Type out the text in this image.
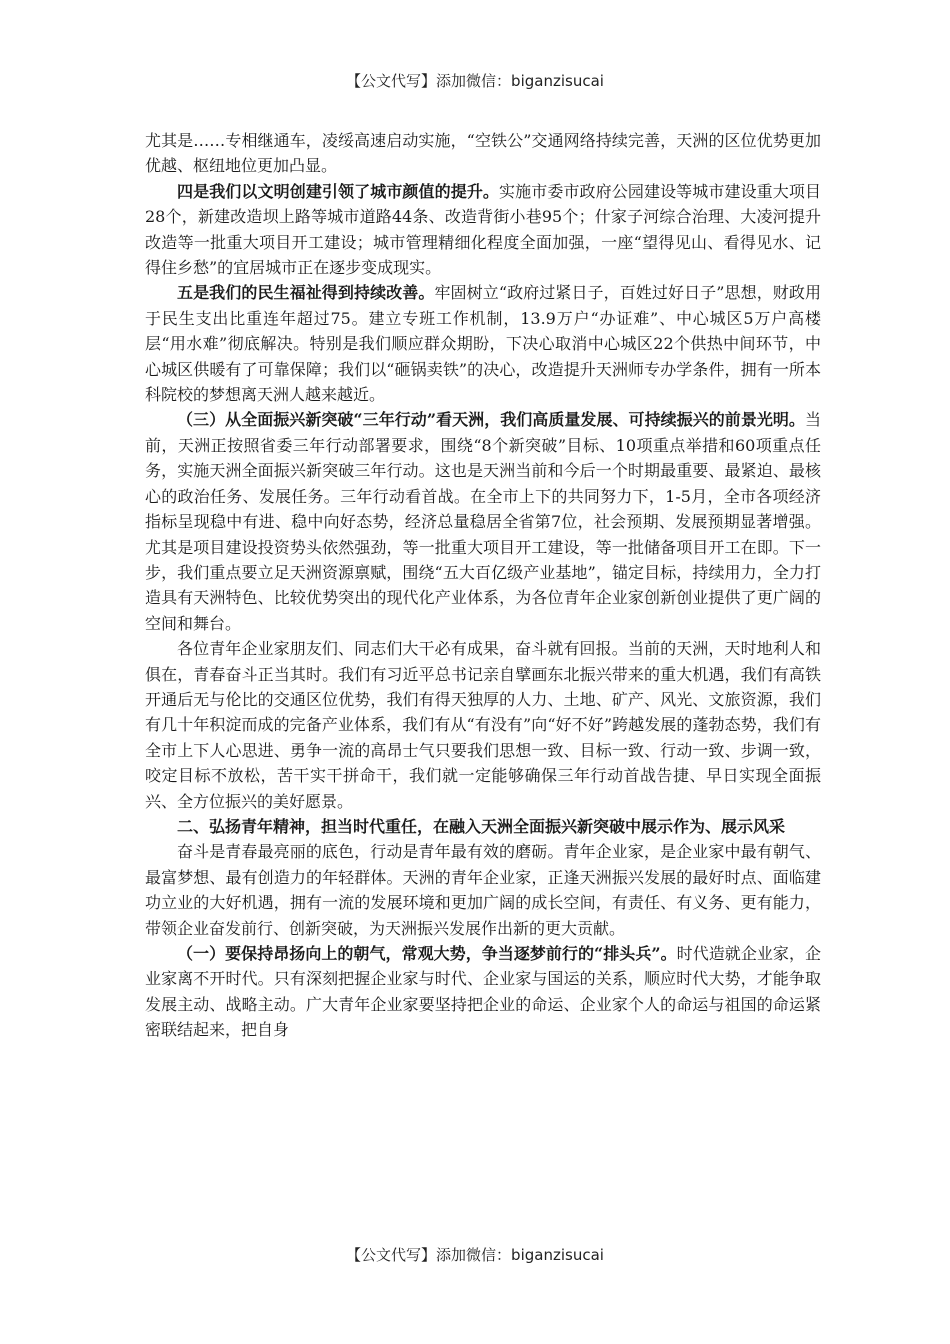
【公文代写】添加微信：biganzisucai

尤其是……专相继通车，凌绥高速启动实施，“空铁公”交通网络持续完善，天洲的区位优势更加优越、枢纽地位更加凸显。

四是我们以文明创建引领了城市颜值的提升。实施市委市政府公园建设等城市建设重大项目28个，新建改造坝上路等城市道路44条、改造背街小巷95个；什家子河综合治理、大凌河提升改造等一批重大项目开工建设；城市管理精细化程度全面加强，一座“望得见山、看得见水、记得住乡愁”的宜居城市正在逐步变成现实。

五是我们的民生福祉得到持续改善。牢固树立“政府过紧日子，百姓过好日子”思想，财政用于民生支出比重连年超过75。建立专班工作机制，13.9万户“办证难”、中心城区5万户高楼层“用水难”彻底解决。特别是我们顺应群众期盼，下决心取消中心城区22个供热中间环节，中心城区供暖有了可靠保障；我们以“砸锅卖铁”的决心，改造提升天洲师专办学条件，拥有一所本科院校的梦想离天洲人越来越近。

（三）从全面振兴新突破“三年行动”看天洲，我们高质量发展、可持续振兴的前景光明。当前，天洲正按照省委三年行动部署要求，围绕“8个新突破”目标、10项重点举措和60项重点任务，实施天洲全面振兴新突破三年行动。这也是天洲当前和今后一个时期最重要、最紧迫、最核心的政治任务、发展任务。三年行动看首战。在全市上下的共同努力下，1-5月，全市各项经济指标呈现稳中有进、稳中向好态势，经济总量稳居全省第7位，社会预期、发展预期显著增强。尤其是项目建设投资势头依然强劲，等一批重大项目开工建设，等一批储备项目开工在即。下一步，我们重点要立足天洲资源禀赋，围绕“五大百亿级产业基地”，锚定目标，持续用力，全力打造具有天洲特色、比较优势突出的现代化产业体系，为各位青年企业家创新创业提供了更广阔的空间和舞台。

各位青年企业家朋友们、同志们大干必有成果，奋斗就有回报。当前的天洲，天时地利人和俱在，青春奋斗正当其时。我们有习近平总书记亲自擘画东北振兴带来的重大机遇，我们有高铁开通后无与伦比的交通区位优势，我们有得天独厚的人力、土地、矿产、风光、文旅资源，我们有几十年积淀而成的完备产业体系，我们有从“有没有”向“好不好”跨越发展的蓬勃态势，我们有全市上下人心思进、勇争一流的高昂士气只要我们思想一致、目标一致、行动一致、步调一致，咬定目标不放松，苦干实干拼命干，我们就一定能够确保三年行动首战告捷、早日实现全面振兴、全方位振兴的美好愿景。

二、弘扬青年精神，担当时代重任，在融入天洲全面振兴新突破中展示作为、展示风采

奋斗是青春最亮丽的底色，行动是青年最有效的磨砺。青年企业家，是企业家中最有朝气、最富梦想、最有创造力的年轻群体。天洲的青年企业家，正逢天洲振兴发展的最好时点、面临建功立业的大好机遇，拥有一流的发展环境和更加广阔的成长空间，有责任、有义务、更有能力，带领企业奋发前行、创新突破，为天洲振兴发展作出新的更大贡献。

（一）要保持昂扬向上的朝气，常观大势，争当逐梦前行的“排头兵”。时代造就企业家，企业家离不开时代。只有深刻把握企业家与时代、企业家与国运的关系，顺应时代大势，才能争取发展主动、战略主动。广大青年企业家要坚持把企业的命运、企业家个人的命运与祖国的命运紧密联结起来，把自身

【公文代写】添加微信：biganzisucai
